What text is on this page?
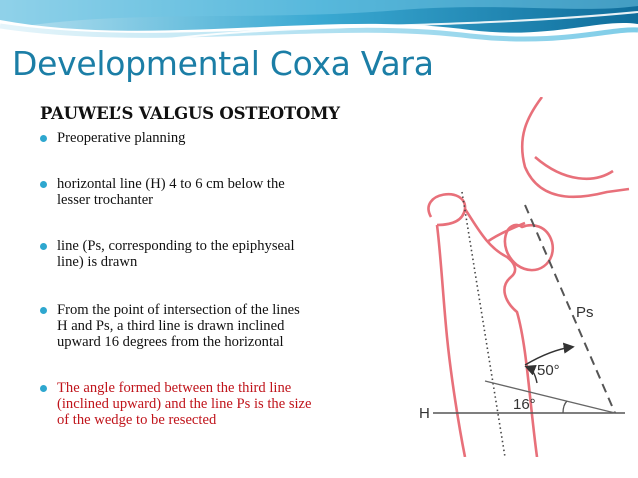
Developmental Coxa Vara
PAUWEL’S VALGUS OSTEOTOMY
Preoperative planning
horizontal line (H) 4 to 6 cm below the
lesser trochanter
line (Ps, corresponding to the epiphyseal
line) is drawn
From the point of intersection of the lines
H and Ps, a third line is drawn inclined
upward 16 degrees from the horizontal
The angle formed between the third line
(inclined upward) and the line Ps is the size
of the wedge to be resected	H
Ps
50°
16°
